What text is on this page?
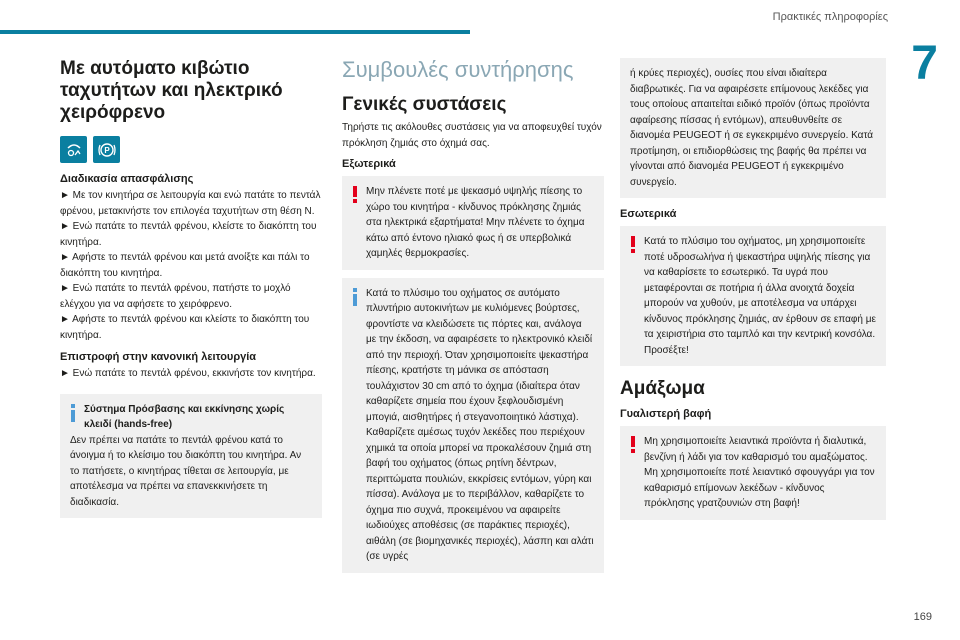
Πρακτικές πληροφορίες
7
169
Με αυτόματο κιβώτιο ταχυτήτων και ηλεκτρικό χειρόφρενο
P
Διαδικασία απασφάλισης

► Με τον κινητήρα σε λειτουργία και ενώ πατάτε το πεντάλ φρένου, μετακινήστε τον επιλογέα ταχυτήτων στη θέση N.

► Ενώ πατάτε το πεντάλ φρένου, κλείστε το διακόπτη του κινητήρα.

► Αφήστε το πεντάλ φρένου και μετά ανοίξτε και πάλι το διακόπτη του κινητήρα.

► Ενώ πατάτε το πεντάλ φρένου, πατήστε το μοχλό ελέγχου για να αφήσετε το χειρόφρενο.

► Αφήστε το πεντάλ φρένου και κλείστε το διακόπτη του κινητήρα.

Επιστροφή στην κανονική λειτουργία

► Ενώ πατάτε το πεντάλ φρένου, εκκινήστε τον κινητήρα.

Σύστημα Πρόσβασης και εκκίνησης χωρίς κλειδί (hands-free)

Δεν πρέπει να πατάτε το πεντάλ φρένου κατά το άνοιγμα ή το κλείσιμο του διακόπτη του κινητήρα. Αν το πατήσετε, ο κινητήρας τίθεται σε λειτουργία, με αποτέλεσμα να πρέπει να επανεκκινήσετε τη διαδικασία.

Συμβουλές συντήρησης
Γενικές συστάσεις

Τηρήστε τις ακόλουθες συστάσεις για να αποφευχθεί τυχόν πρόκληση ζημιάς στο όχημά σας.

Εξωτερικά

Μην πλένετε ποτέ με ψεκασμό υψηλής πίεσης το χώρο του κινητήρα - κίνδυνος πρόκλησης ζημιάς στα ηλεκτρικά εξαρτήματα! Μην πλένετε το όχημα κάτω από έντονο ηλιακό φως ή σε υπερβολικά χαμηλές θερμοκρασίες.

Κατά το πλύσιμο του οχήματος σε αυτόματο πλυντήριο αυτοκινήτων με κυλιόμενες βούρτσες, φροντίστε να κλειδώσετε τις πόρτες και, ανάλογα με την έκδοση, να αφαιρέσετε το ηλεκτρονικό κλειδί από την περιοχή. Όταν χρησιμοποιείτε ψεκαστήρα πίεσης, κρατήστε τη μάνικα σε απόσταση τουλάχιστον 30 cm από το όχημα (ιδιαίτερα όταν καθαρίζετε σημεία που έχουν ξεφλουδισμένη μπογιά, αισθητήρες ή στεγανοποιητικό λάστιχα). Καθαρίζετε αμέσως τυχόν λεκέδες που περιέχουν χημικά τα οποία μπορεί να προκαλέσουν ζημιά στη βαφή του οχήματος (όπως ρητίνη δέντρων, περιττώματα πουλιών, εκκρίσεις εντόμων, γύρη και πίσσα). Ανάλογα με το περιβάλλον, καθαρίζετε το όχημα πιο συχνά, προκειμένου να αφαιρείτε ιωδιούχες αποθέσεις (σε παράκτιες περιοχές), αιθάλη (σε βιομηχανικές περιοχές), λάσπη και αλάτι (σε υγρές

ή κρύες περιοχές), ουσίες που είναι ιδιαίτερα διαβρωτικές. Για να αφαιρέσετε επίμονους λεκέδες για τους οποίους απαιτείται ειδικό προϊόν (όπως προϊόντα αφαίρεσης πίσσας ή εντόμων), απευθυνθείτε σε διανομέα PEUGEOT ή σε εγκεκριμένο συνεργείο. Κατά προτίμηση, οι επιδιορθώσεις της βαφής θα πρέπει να γίνονται από διανομέα PEUGEOT ή εγκεκριμένο συνεργείο.

Εσωτερικά

Κατά το πλύσιμο του οχήματος, μη χρησιμοποιείτε ποτέ υδροσωλήνα ή ψεκαστήρα υψηλής πίεσης για να καθαρίσετε το εσωτερικό. Τα υγρά που μεταφέρονται σε ποτήρια ή άλλα ανοιχτά δοχεία μπορούν να χυθούν, με αποτέλεσμα να υπάρχει κίνδυνος πρόκλησης ζημιάς, αν έρθουν σε επαφή με τα χειριστήρια στο ταμπλό και την κεντρική κονσόλα. Προσέξτε!

Αμάξωμα
Γυαλιστερή βαφή

Μη χρησιμοποιείτε λειαντικά προϊόντα ή διαλυτικά, βενζίνη ή λάδι για τον καθαρισμό του αμαξώματος. Μη χρησιμοποιείτε ποτέ λειαντικό σφουγγάρι για τον καθαρισμό επίμονων λεκέδων - κίνδυνος πρόκλησης γρατζουνιών στη βαφή!
